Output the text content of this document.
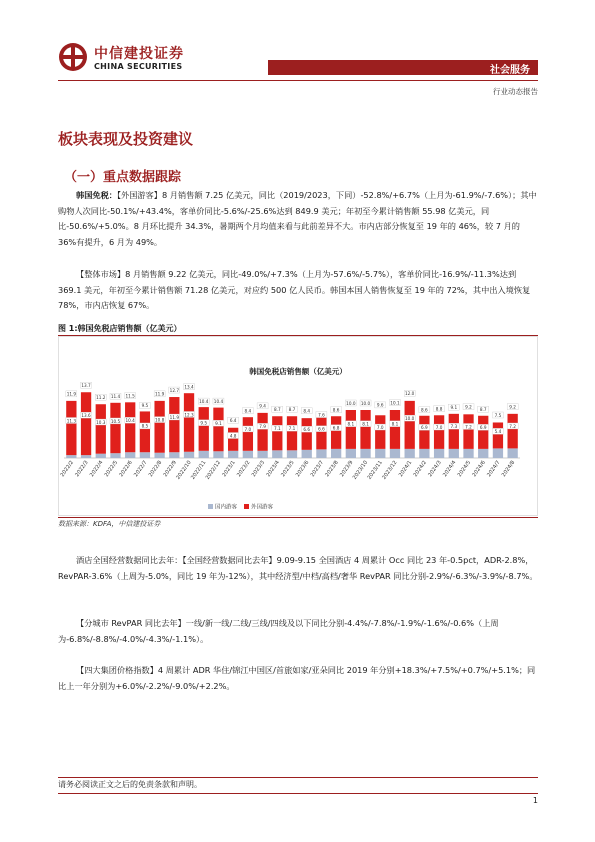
中信建投证券
CHINA SECURITIES	社会服务
行业动态报告
板块表现及投资建议
（一）重点数据跟踪
韩国免税：【外国游客】8 月销售额 7.25 亿美元，同比（2019/2023，下同）-52.8%/+6.7%（上月为-61.9%/-7.6%）；其中购物人次同比-50.1%/+43.4%，客单价同比-5.6%/-25.6%达到 849.9 美元；年初至今累计销售额 55.98 亿美元，同比-50.6%/+5.0%。8 月环比提升 34.3%，暑期两个月均值来看与此前差异不大。市内店部分恢复至 19 年的 46%，较 7 月的 36%有提升，6 月为 49%。
【整体市场】8 月销售额 9.22 亿美元，同比-49.0%/+7.3%（上月为-57.6%/-5.7%），客单价同比-16.9%/-11.3%达到 369.1 美元，年初至今累计销售额 71.28 亿美元，对应约 500 亿人民币。韩国本国人销售恢复至 19 年的 72%，其中出入境恢复 78%，市内店恢复 67%。
图 1:韩国免税店销售额（亿美元）
韩国免税店销售额（亿美元）
11.3
11.9
2022/2
13.6
13.7
2022/3
10.3
11.2
2022/4
10.5
11.4
2022/5
10.4
11.5
2022/6
8.5
9.5
2022/7
10.8
11.9
2022/8
11.9
12.7
2022/9
12.3
13.4
2022/10
9.5
10.4
2022/11
9.1
10.4
2022/12
4.8
6.4
2023/1
7.0
8.4
2023/2
7.9
9.4
2023/3
7.1
8.7
2023/4
7.1
8.7
2023/5
6.6
8.4
2023/6
6.6
7.6
2023/7
6.8
8.6
2023/8
8.1
10.0
2023/9
8.1
10.0
2023/10
7.0
9.6
2023/11
8.1
10.1
2023/12
10.0
12.0
2024/1
6.9
8.6
2024/2
7.0
8.8
2024/3
7.3
9.1
2024/4
7.2
9.2
2024/5
6.9
8.7
2024/6
5.4
7.5
2024/7
7.2
9.2
2024/8
国内游客	外国游客
数据来源：KDFA，中信建投证券
酒店全国经营数据同比去年：【全国经营数据同比去年】9.09-9.15 全国酒店 4 周累计 Occ 同比 23 年-0.5pct，ADR-2.8%，RevPAR-3.6%（上周为-5.0%，同比 19 年为-12%），其中经济型/中档/高档/奢华 RevPAR 同比分别-2.9%/-6.3%/-3.9%/-8.7%。
【分城市 RevPAR 同比去年】一线/新一线/二线/三线/四线及以下同比分别-4.4%/-7.8%/-1.9%/-1.6%/-0.6%（上周为-6.8%/-8.8%/-4.0%/-4.3%/-1.1%）。
【四大集团价格指数】4 周累计 ADR 华住/锦江中国区/首旅如家/亚朵同比 2019 年分别+18.3%/+7.5%/+0.7%/+5.1%；同比上一年分别为+6.0%/-2.2%/-9.0%/+2.2%。
请务必阅读正文之后的免责条款和声明。
1
